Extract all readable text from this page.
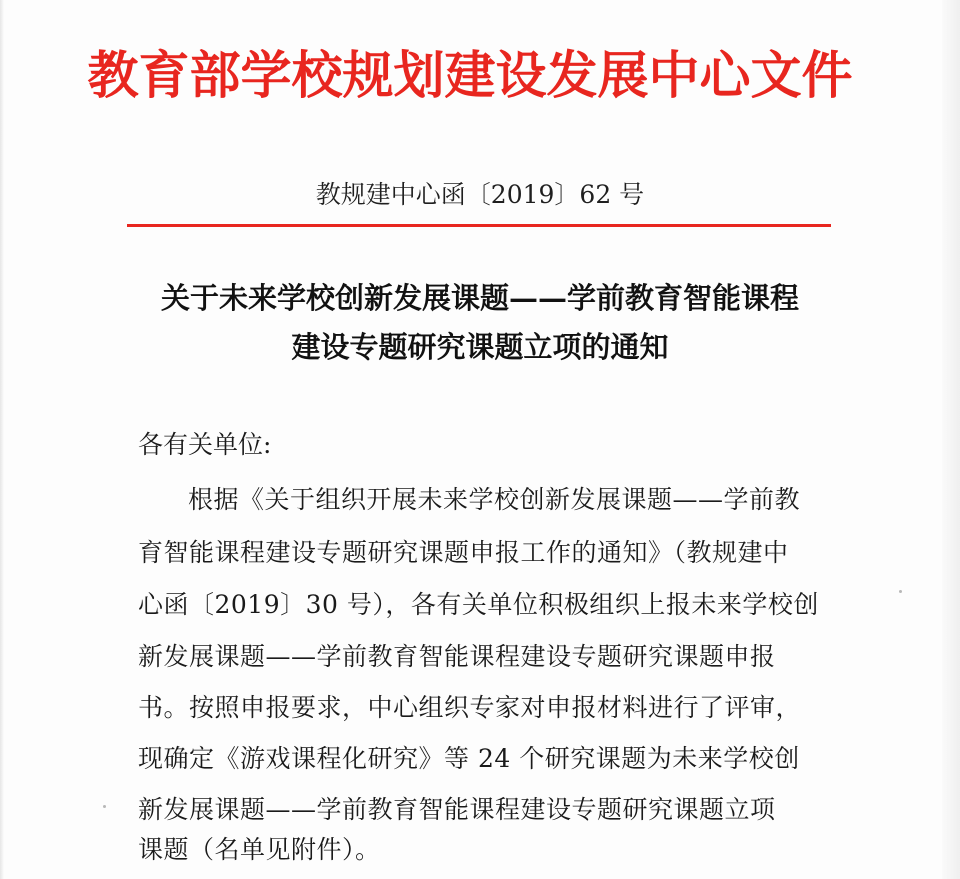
教育部学校规划建设发展中心文件
教规建中心函〔2019〕62 号
关于未来学校创新发展课题——学前教育智能课程
建设专题研究课题立项的通知
各有关单位:
根据《关于组织开展未来学校创新发展课题——学前教
育智能课程建设专题研究课题申报工作的通知》（教规建中
心函〔2019〕30 号），各有关单位积极组织上报未来学校创
新发展课题——学前教育智能课程建设专题研究课题申报
书。按照申报要求，中心组织专家对申报材料进行了评审，
现确定《游戏课程化研究》等 24 个研究课题为未来学校创
新发展课题——学前教育智能课程建设专题研究课题立项
课题（名单见附件）。
